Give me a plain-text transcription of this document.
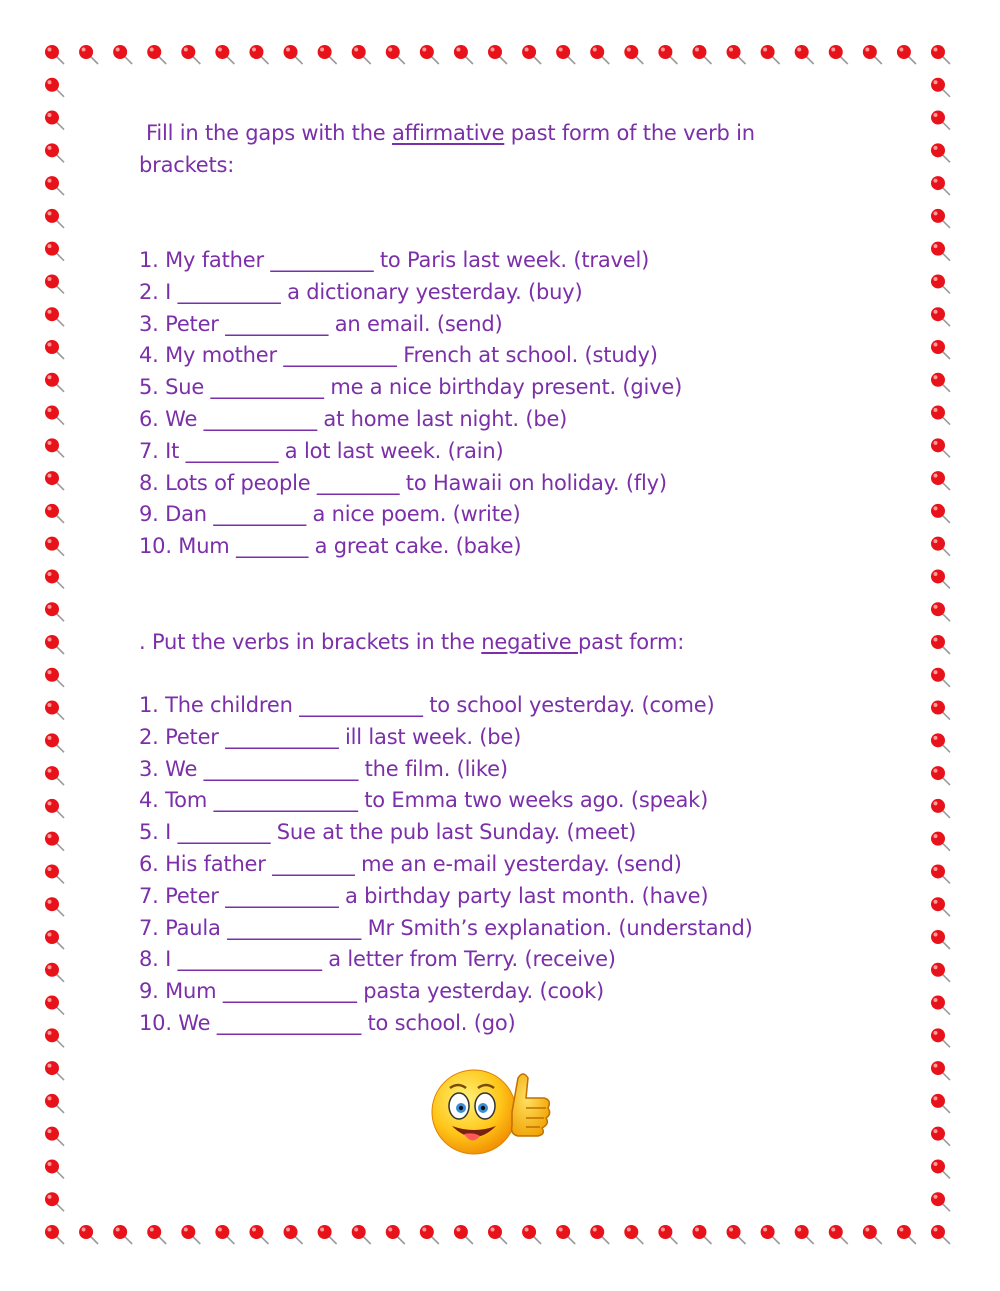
Fill in the gaps with the affirmative past form of the verb in
brackets:
1. My father __________ to Paris last week. (travel)
2. I __________ a dictionary yesterday. (buy)
3. Peter __________ an email. (send)
4. My mother ___________ French at school. (study)
5. Sue ___________ me a nice birthday present. (give)
6. We ___________ at home last night. (be)
7. It _________ a lot last week. (rain)
8. Lots of people ________ to Hawaii on holiday. (fly)
9. Dan _________ a nice poem. (write)
10. Mum _______ a great cake. (bake)
. Put the verbs in brackets in the negative past form:
1. The children ____________ to school yesterday. (come)
2. Peter ___________ ill last week. (be)
3. We _______________ the film. (like)
4. Tom ______________ to Emma two weeks ago. (speak)
5. I _________ Sue at the pub last Sunday. (meet)
6. His father ________ me an e-mail yesterday. (send)
7. Peter ___________ a birthday party last month. (have)
7. Paula _____________ Mr Smith’s explanation. (understand)
8. I ______________ a letter from Terry. (receive)
9. Mum _____________ pasta yesterday. (cook)
10. We ______________ to school. (go)
